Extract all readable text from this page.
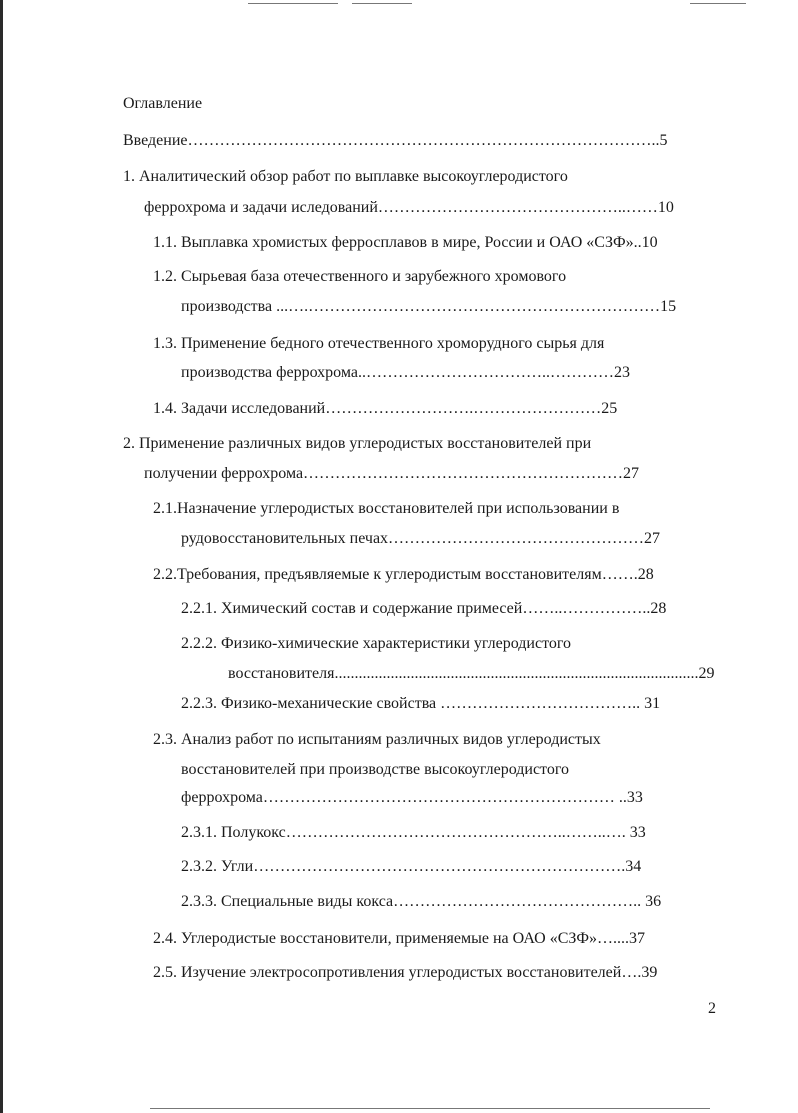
Оглавление
Введение……………………………………………………………………………..5
1. Аналитический обзор работ по выплавке высокоуглеродистого
феррохрома и задачи иследований………………………………………..……10
1.1. Выплавка хромистых ферросплавов в мире, России и ОАО «СЗФ»..10
1.2. Сырьевая база отечественного и зарубежного хромового
производства ...….…………………………………………………………15
1.3. Применение бедного отечественного хроморудного сырья для
производства феррохрома..……………………………..…………23
1.4. Задачи исследований……………………….……………………25
2. Применение различных видов углеродистых восстановителей при
получении феррохрома……………………………………………………27
2.1.Назначение углеродистых восстановителей при использовании в
рудовосстановительных печах…………………………………………27
2.2.Требования, предъявляемые к углеродистым восстановителям…….28
2.2.1. Химический состав и содержание примесей……..……………..28
2.2.2. Физико-химические характеристики углеродистого
восстановителя...........................................................................................29
2.2.3. Физико-механические свойства ……………………………….. 31
2.3. Анализ работ по испытаниям различных видов углеродистых
восстановителей при производстве высокоуглеродистого
феррохрома………………………………………………………… ..33
2.3.1. Полукокс……………………………………………..……..…. 33
2.3.2. Угли…………………………………………………………….34
2.3.3. Специальные виды кокса……………………………………….. 36
2.4. Углеродистые восстановители, применяемые на ОАО «СЗФ»…....37
2.5. Изучение электросопротивления углеродистых восстановителей….39
2
